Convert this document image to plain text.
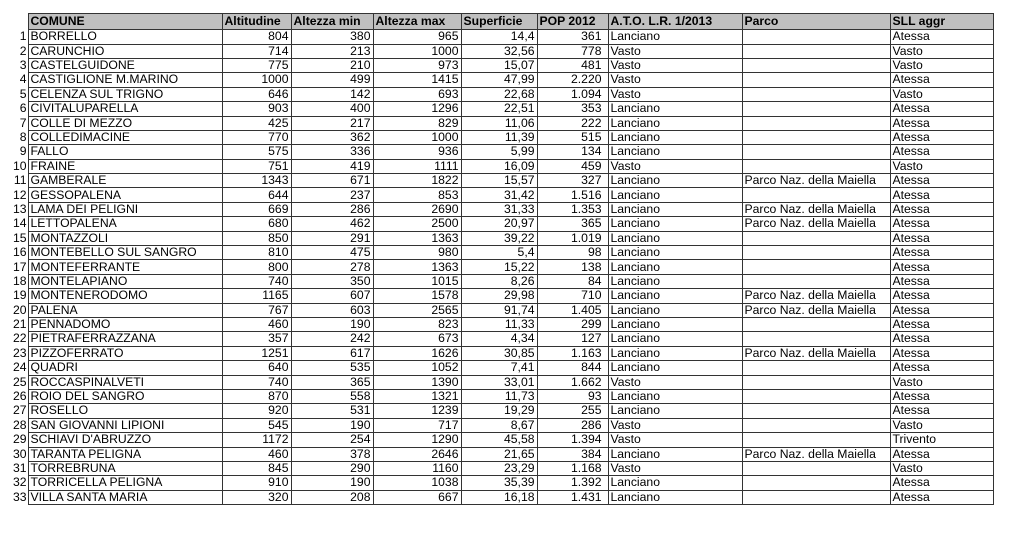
	COMUNE	Altitudine	Altezza min	Altezza max	Superficie	POP 2012	A.T.O. L.R. 1/2013	Parco	SLL aggr
1	BORRELLO	804	380	965	14,4	361	Lanciano		Atessa
2	CARUNCHIO	714	213	1000	32,56	778	Vasto		Vasto
3	CASTELGUIDONE	775	210	973	15,07	481	Vasto		Vasto
4	CASTIGLIONE M.MARINO	1000	499	1415	47,99	2.220	Vasto		Atessa
5	CELENZA SUL TRIGNO	646	142	693	22,68	1.094	Vasto		Vasto
6	CIVITALUPARELLA	903	400	1296	22,51	353	Lanciano		Atessa
7	COLLE DI MEZZO	425	217	829	11,06	222	Lanciano		Atessa
8	COLLEDIMACINE	770	362	1000	11,39	515	Lanciano		Atessa
9	FALLO	575	336	936	5,99	134	Lanciano		Atessa
10	FRAINE	751	419	1111	16,09	459	Vasto		Vasto
11	GAMBERALE	1343	671	1822	15,57	327	Lanciano	Parco Naz. della Maiella	Atessa
12	GESSOPALENA	644	237	853	31,42	1.516	Lanciano		Atessa
13	LAMA DEI PELIGNI	669	286	2690	31,33	1.353	Lanciano	Parco Naz. della Maiella	Atessa
14	LETTOPALENA	680	462	2500	20,97	365	Lanciano	Parco Naz. della Maiella	Atessa
15	MONTAZZOLI	850	291	1363	39,22	1.019	Lanciano		Atessa
16	MONTEBELLO SUL SANGRO	810	475	980	5,4	98	Lanciano		Atessa
17	MONTEFERRANTE	800	278	1363	15,22	138	Lanciano		Atessa
18	MONTELAPIANO	740	350	1015	8,26	84	Lanciano		Atessa
19	MONTENERODOMO	1165	607	1578	29,98	710	Lanciano	Parco Naz. della Maiella	Atessa
20	PALENA	767	603	2565	91,74	1.405	Lanciano	Parco Naz. della Maiella	Atessa
21	PENNADOMO	460	190	823	11,33	299	Lanciano		Atessa
22	PIETRAFERRAZZANA	357	242	673	4,34	127	Lanciano		Atessa
23	PIZZOFERRATO	1251	617	1626	30,85	1.163	Lanciano	Parco Naz. della Maiella	Atessa
24	QUADRI	640	535	1052	7,41	844	Lanciano		Atessa
25	ROCCASPINALVETI	740	365	1390	33,01	1.662	Vasto		Vasto
26	ROIO DEL SANGRO	870	558	1321	11,73	93	Lanciano		Atessa
27	ROSELLO	920	531	1239	19,29	255	Lanciano		Atessa
28	SAN GIOVANNI LIPIONI	545	190	717	8,67	286	Vasto		Vasto
29	SCHIAVI D'ABRUZZO	1172	254	1290	45,58	1.394	Vasto		Trivento
30	TARANTA PELIGNA	460	378	2646	21,65	384	Lanciano	Parco Naz. della Maiella	Atessa
31	TORREBRUNA	845	290	1160	23,29	1.168	Vasto		Vasto
32	TORRICELLA PELIGNA	910	190	1038	35,39	1.392	Lanciano		Atessa
33	VILLA SANTA MARIA	320	208	667	16,18	1.431	Lanciano		Atessa
